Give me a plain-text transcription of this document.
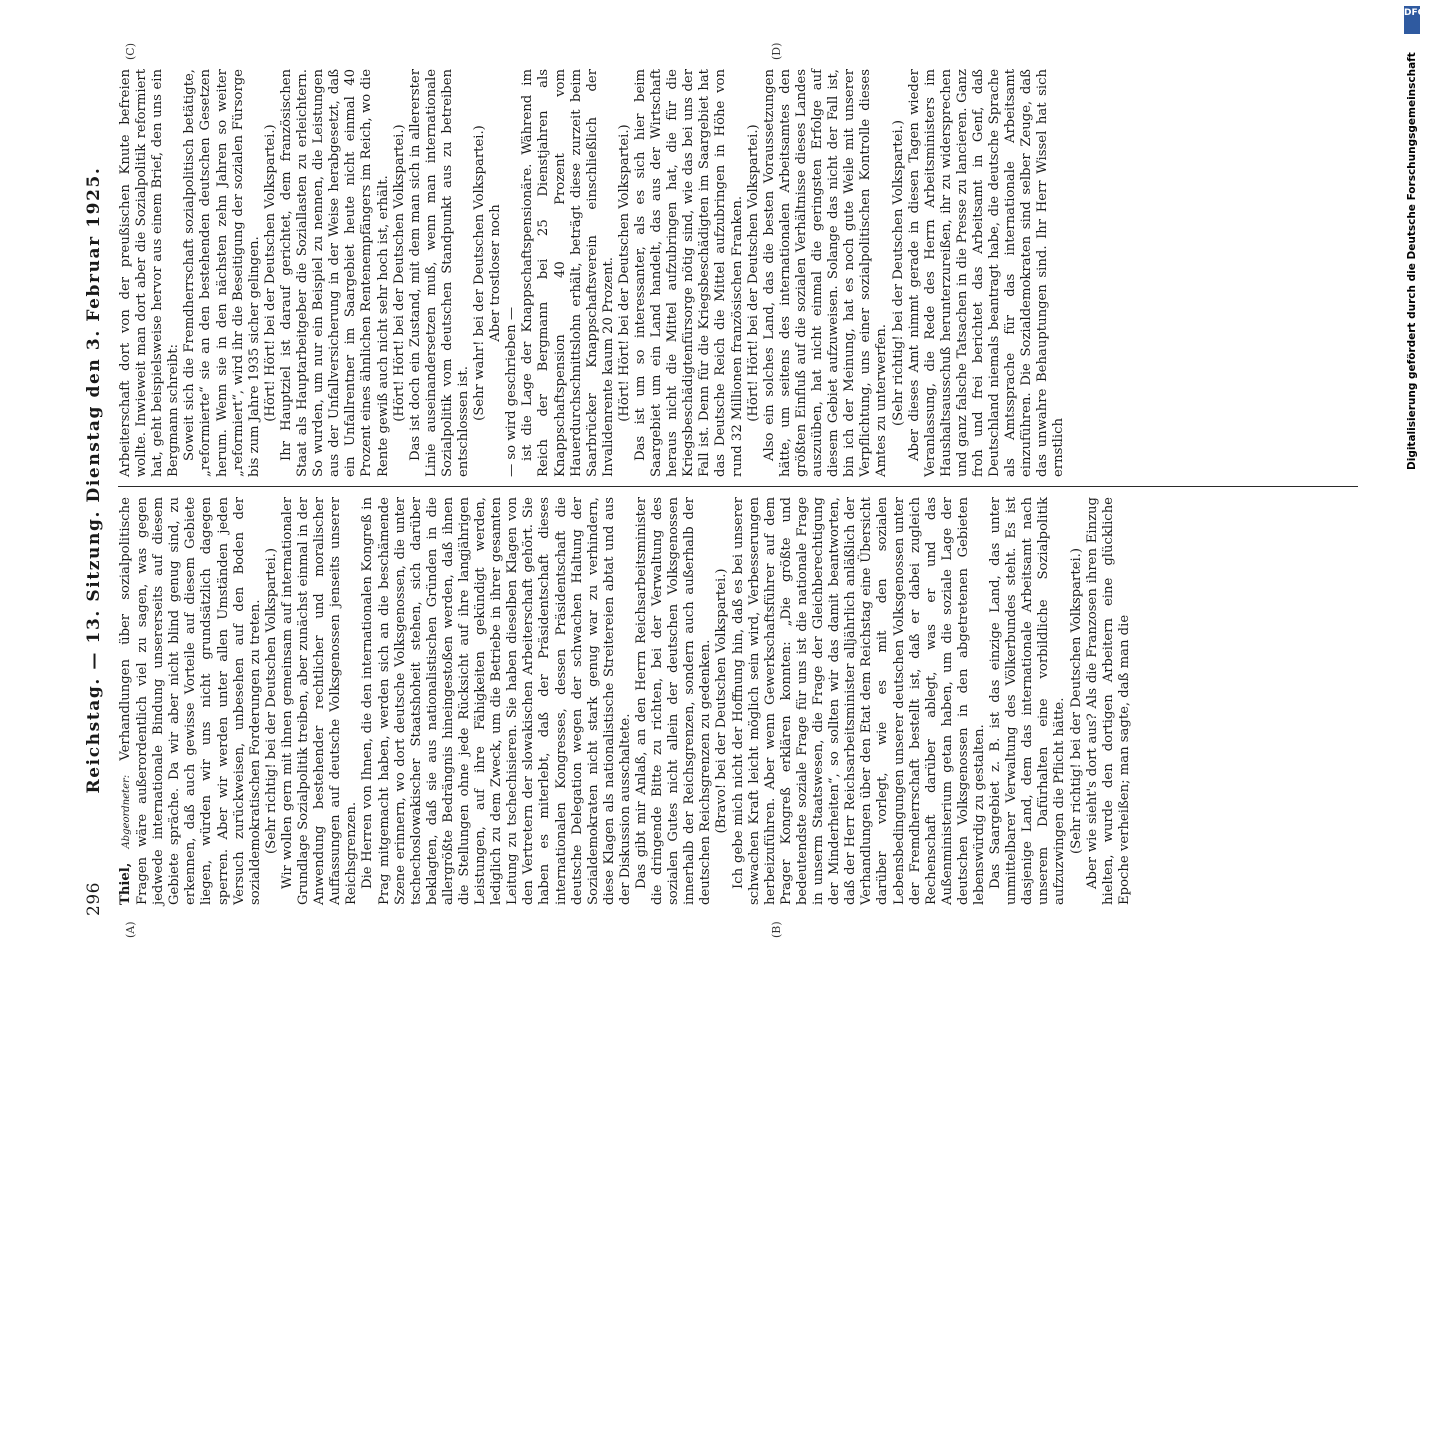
296
Reichstag. — 13. Sitzung. Dienstag den 3. Februar 1925.
(A)	(B)
(C)	(D)

Thiel, Abgeordneter: Verhandlungen über sozialpolitische Fragen wäre außerordentlich viel zu sagen, was gegen jedwede internationale Bindung unsererseits auf diesem Gebiete spräche. Da wir aber nicht blind genug sind, zu erkennen, daß auch gewisse Vorteile auf diesem Gebiete liegen, würden wir uns nicht grundsätzlich dagegen sperren. Aber wir werden unter allen Umständen jeden Versuch zurückweisen, unbesehen auf den Boden der sozialdemokratischen Forderungen zu treten. (Sehr richtig! bei der Deutschen Volkspartei.) Wir wollen gern mit ihnen gemeinsam auf internationaler Grundlage Sozialpolitik treiben, aber zunächst einmal in der Anwendung bestehender rechtlicher und moralischer Auffassungen auf deutsche Volksgenossen jenseits unserer Reichsgrenzen. Die Herren von Ihnen, die den internationalen Kongreß in Prag mitgemacht haben, werden sich an die beschämende Szene erinnern, wo dort deutsche Volksgenossen, die unter tschechoslowakischer Staatshoheit stehen, sich darüber beklagten, daß sie aus nationalistischen Gründen in die allergrößte Bedrängnis hineingestoßen werden, daß ihnen die Stellungen ohne jede Rücksicht auf ihre langjährigen Leistungen, auf ihre Fähigkeiten gekündigt werden, lediglich zu dem Zweck, um die Betriebe in ihrer gesamten Leitung zu tschechisieren. Sie haben dieselben Klagen von den Vertretern der slowakischen Arbeiterschaft gehört. Sie haben es miterlebt, daß der Präsidentschaft dieses internationalen Kongresses, dessen Präsidentschaft die deutsche Delegation wegen der schwachen Haltung der Sozialdemokraten nicht stark genug war zu verhindern, diese Klagen als nationalistische Streitereien abtat und aus der Diskussion ausschaltete. Das gibt mir Anlaß, an den Herrn Reichsarbeitsminister die dringende Bitte zu richten, bei der Verwaltung des sozialen Gutes nicht allein der deutschen Volksgenossen innerhalb der Reichsgrenzen, sondern auch außerhalb der deutschen Reichsgrenzen zu gedenken. (Bravo! bei der Deutschen Volkspartei.) Ich gebe mich nicht der Hoffnung hin, daß es bei unserer schwachen Kraft leicht möglich sein wird, Verbesserungen herbeizuführen. Aber wenn Gewerkschaftsführer auf dem Prager Kongreß erklären konnten: „Die größte und bedeutendste soziale Frage für uns ist die nationale Frage in unserm Staatswesen, die Frage der Gleichberechtigung der Minderheiten“, so sollten wir das damit beantworten, daß der Herr Reichsarbeitsminister alljährlich anläßlich der Verhandlungen über den Etat dem Reichstag eine Übersicht darüber vorlegt, wie es mit den sozialen Lebensbedingungen unserer deutschen Volksgenossen unter der Fremdherrschaft bestellt ist, daß er dabei zugleich Rechenschaft darüber ablegt, was er und das Außenministerium getan haben, um die soziale Lage der deutschen Volksgenossen in den abgetretenen Gebieten lebenswürdig zu gestalten. Das Saargebiet z. B. ist das einzige Land, das unter unmittelbarer Verwaltung des Völkerbundes steht. Es ist dasjenige Land, dem das internationale Arbeitsamt nach unserem Dafürhalten eine vorbildliche Sozialpolitik aufzuzwingen die Pflicht hätte. (Sehr richtig! bei der Deutschen Volkspartei.) Aber wie sieht's dort aus? Als die Franzosen ihren Einzug hielten, wurde den dortigen Arbeitern eine glückliche Epoche verheißen; man sagte, daß man die

Arbeiterschaft dort von der preußischen Knute befreien wollte. Inwieweit man dort aber die Sozialpolitik reformiert hat, geht beispielsweise hervor aus einem Brief, den uns ein Bergmann schreibt: Soweit sich die Fremdherrschaft sozialpolitisch betätigte, „reformierte“ sie an den bestehenden deutschen Gesetzen herum. Wenn sie in den nächsten zehn Jahren so weiter „reformiert“, wird ihr die Beseitigung der sozialen Fürsorge bis zum Jahre 1935 sicher gelingen. (Hört! Hört! bei der Deutschen Volkspartei.) Ihr Hauptziel ist darauf gerichtet, dem französischen Staat als Hauptarbeitgeber die Soziallasten zu erleichtern. So wurden, um nur ein Beispiel zu nennen, die Leistungen aus der Unfallversicherung in der Weise herabgesetzt, daß ein Unfallrentner im Saargebiet heute nicht einmal 40 Prozent eines ähnlichen Rentenempfängers im Reich, wo die Rente gewiß auch nicht sehr hoch ist, erhält. (Hört! Hört! bei der Deutschen Volkspartei.) Das ist doch ein Zustand, mit dem man sich in allererster Linie auseinandersetzen muß, wenn man internationale Sozialpolitik vom deutschen Standpunkt aus zu betreiben entschlossen ist.

(Sehr wahr! bei der Deutschen Volkspartei.) Aber trostloser noch

— so wird geschrieben — ist die Lage der Knappschaftspensionäre. Während im Reich der Bergmann bei 25 Dienstjahren als Knappschaftspension 40 Prozent vom Hauerdurchschnittslohn erhält, beträgt diese zurzeit beim Saarbrücker Knappschaftsverein einschließlich der Invalidenrente kaum 20 Prozent. (Hört! Hört! bei der Deutschen Volkspartei.) Das ist um so interessanter, als es sich hier beim Saargebiet um ein Land handelt, das aus der Wirtschaft heraus nicht die Mittel aufzubringen hat, die für die Kriegsbeschädigtenfürsorge nötig sind, wie das bei uns der Fall ist. Denn für die Kriegsbeschädigten im Saargebiet hat das Deutsche Reich die Mittel aufzubringen in Höhe von rund 32 Millionen französischen Franken. (Hört! Hört! bei der Deutschen Volkspartei.) Also ein solches Land, das die besten Voraussetzungen hätte, um seitens des internationalen Arbeitsamtes den größten Einfluß auf die sozialen Verhältnisse dieses Landes auszuüben, hat nicht einmal die geringsten Erfolge auf diesem Gebiet aufzuweisen. Solange das nicht der Fall ist, bin ich der Meinung, hat es noch gute Weile mit unserer Verpflichtung, uns einer sozialpolitischen Kontrolle dieses Amtes zu unterwerfen. (Sehr richtig! bei der Deutschen Volkspartei.) Aber dieses Amt nimmt gerade in diesen Tagen wieder Veranlassung, die Rede des Herrn Arbeitsministers im Haushaltsausschuß herunterzureißen, ihr zu widersprechen und ganz falsche Tatsachen in die Presse zu lancieren. Ganz froh und frei berichtet das Arbeitsamt in Genf, daß Deutschland niemals beantragt habe, die deutsche Sprache als Amtssprache für das internationale Arbeitsamt einzuführen. Die Sozialdemokraten sind selber Zeuge, daß das unwahre Behauptungen sind. Ihr Herr Wissel hat sich ernstlich	Digitalisierung gefördert durch die Deutsche Forschungsgemeinschaft
DFG
